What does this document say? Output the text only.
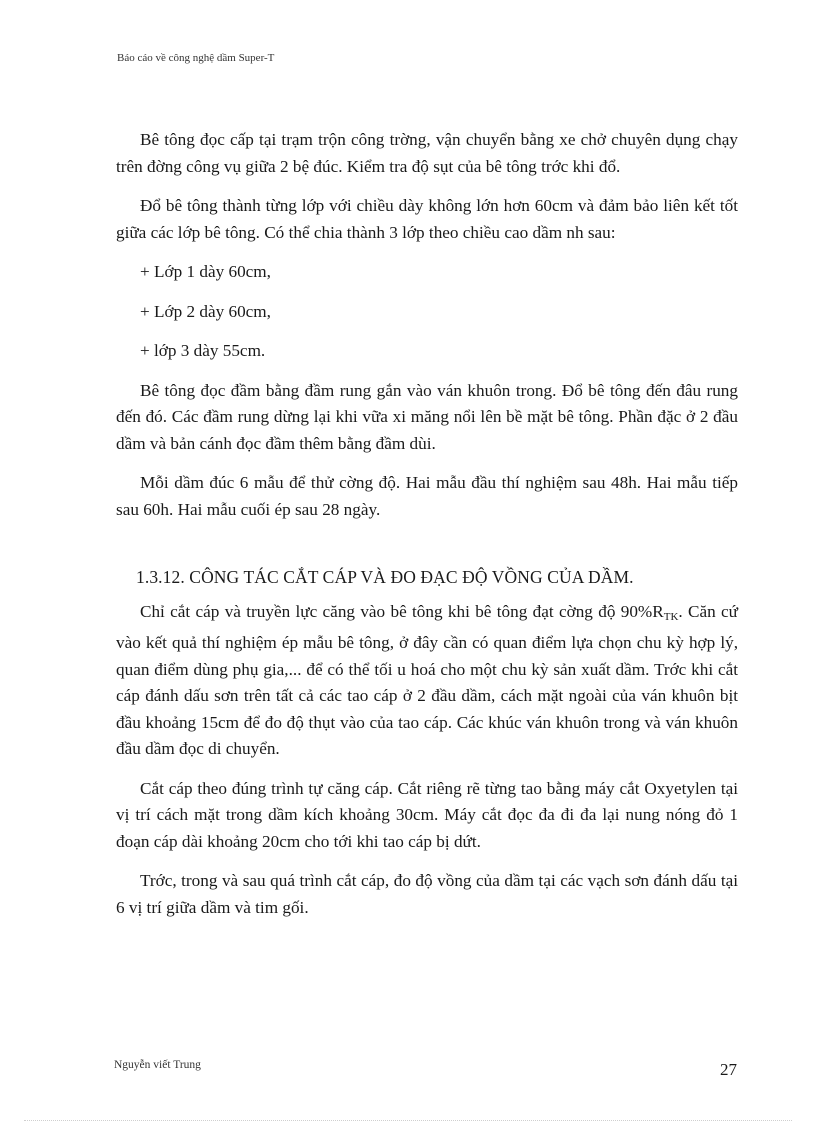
Báo cáo về công nghệ dầm Super-T

Bê tông đọc cấp tại trạm trộn công trờng, vận chuyển bằng xe chở chuyên dụng chạy trên đờng công vụ giữa 2 bệ đúc. Kiểm tra độ sụt của bê tông trớc khi đổ.

Đổ bê tông thành từng lớp với chiều dày không lớn hơn 60cm và đảm bảo liên kết tốt giữa các lớp bê tông. Có thể chia thành 3 lớp theo chiều cao dầm nh sau:

+ Lớp 1 dày 60cm,

+ Lớp 2 dày 60cm,

+ lớp 3 dày 55cm.

Bê tông đọc đầm bằng đầm rung gắn vào ván khuôn trong. Đổ bê tông đến đâu rung đến đó. Các đầm rung dừng lại khi vữa xi măng nổi lên bề mặt bê tông. Phần đặc ở 2 đầu dầm và bản cánh đọc đầm thêm bằng đầm dùi.

Mỗi dầm đúc 6 mẫu để thử cờng độ. Hai mẫu đầu thí nghiệm sau 48h. Hai mẫu tiếp sau 60h. Hai mẫu cuối ép sau 28 ngày.

1.3.12. CÔNG TÁC CẮT CÁP VÀ ĐO ĐẠC ĐỘ VỒNG CỦA DẦM.

Chỉ cắt cáp và truyền lực căng vào bê tông khi bê tông đạt cờng độ $90\%R_{TK}$. Căn cứ vào kết quả thí nghiệm ép mẫu bê tông, ở đây cần có quan điểm lựa chọn chu kỳ hợp lý, quan điểm dùng phụ gia,... để có thể tối u hoá cho một chu kỳ sản xuất dầm. Trớc khi cắt cáp đánh dấu sơn trên tất cả các tao cáp ở 2 đầu dầm, cách mặt ngoài của ván khuôn bịt đầu khoảng 15cm để đo độ thụt vào của tao cáp. Các khúc ván khuôn trong và ván khuôn đầu dầm đọc di chuyển.

Cắt cáp theo đúng trình tự căng cáp. Cắt riêng rẽ từng tao bằng máy cắt Oxyetylen tại vị trí cách mặt trong dầm kích khoảng 30cm. Máy cắt đọc đa đi đa lại nung nóng đỏ 1 đoạn cáp dài khoảng 20cm cho tới khi tao cáp bị dứt.

Trớc, trong và sau quá trình cắt cáp, đo độ vồng của dầm tại các vạch sơn đánh dấu tại 6 vị trí giữa dầm và tim gối.

Nguyễn viết Trung	27
